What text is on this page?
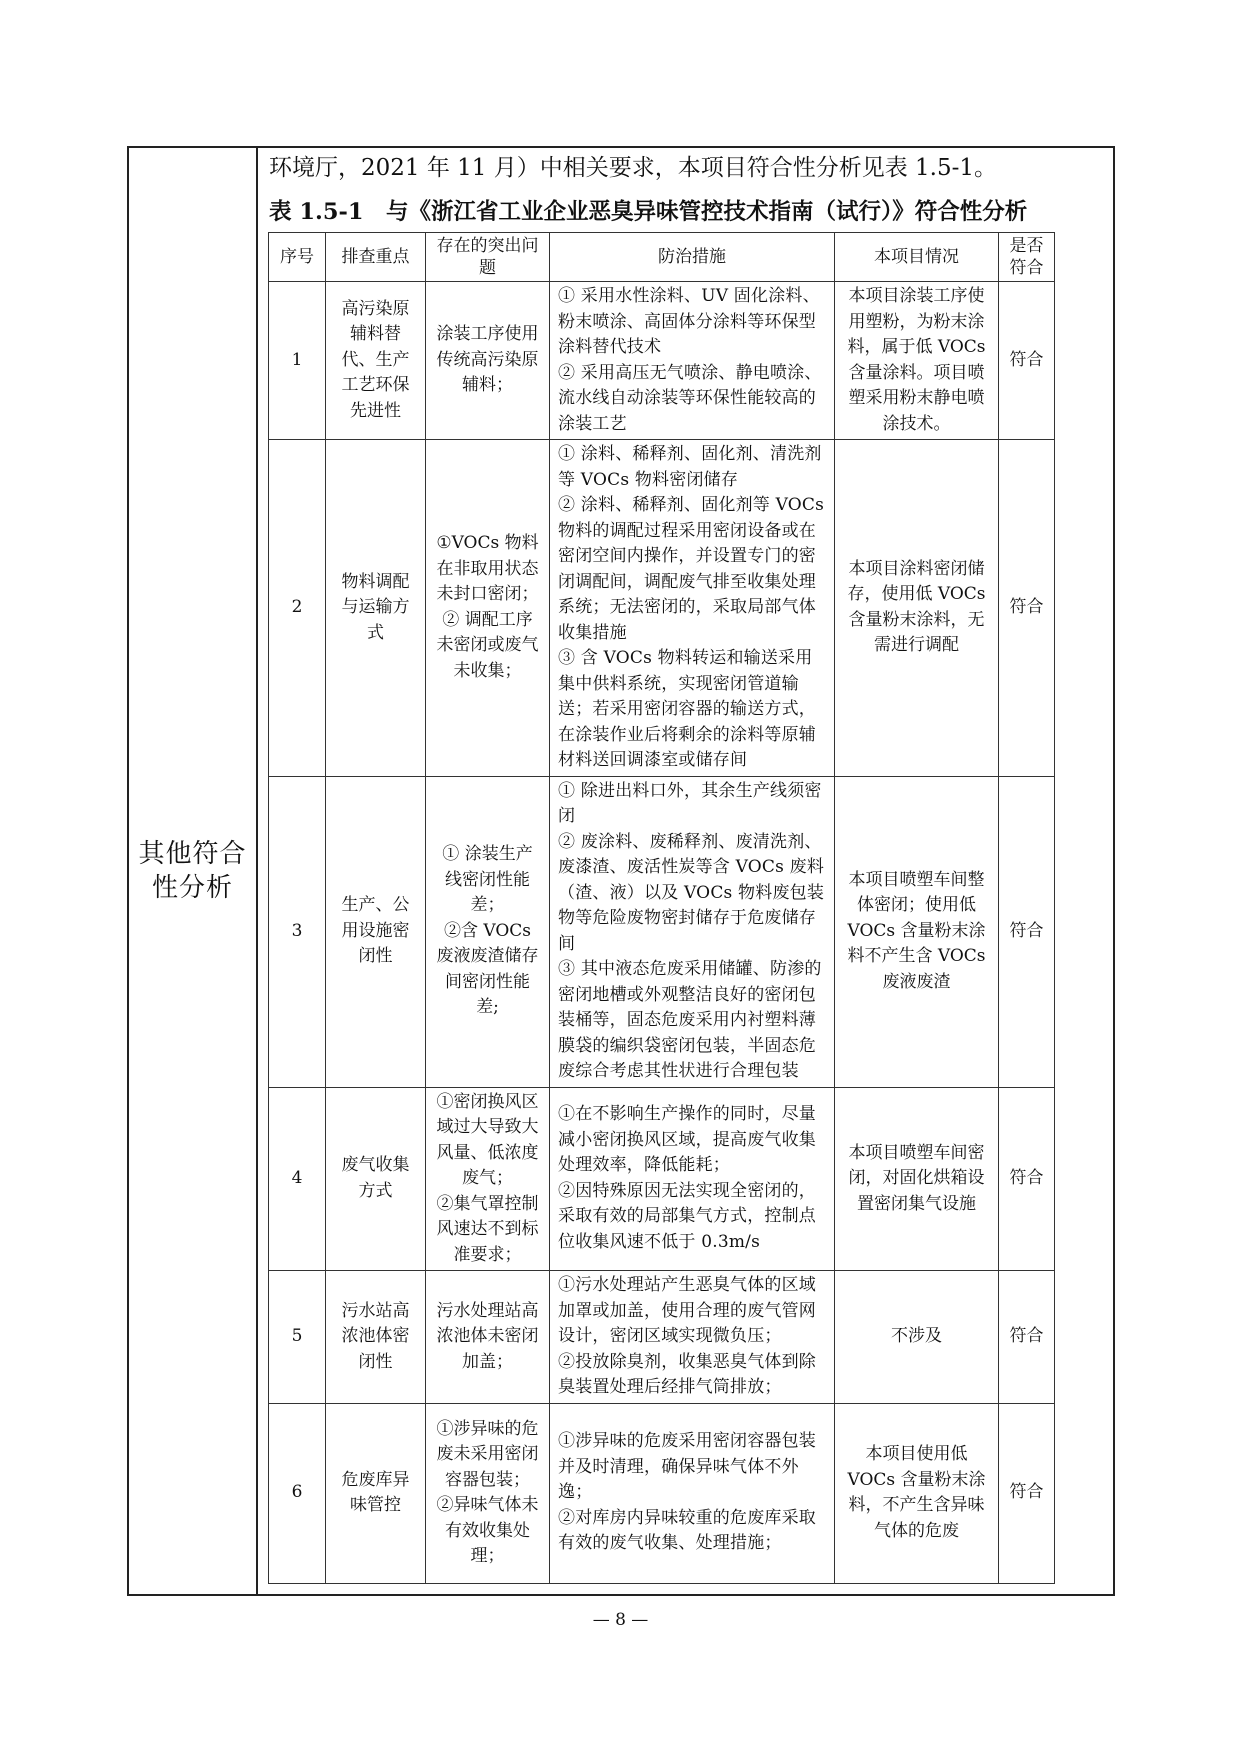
其他符合性分析
环境厅，2021 年 11 月）中相关要求，本项目符合性分析见表 1.5-1。
表 1.5-1　与《浙江省工业企业恶臭异味管控技术指南（试行）》符合性分析
序号	排查重点	存在的突出问题	防治措施	本项目情况	是否符合
1	高污染原辅料替代、生产工艺环保先进性	涂装工序使用传统高污染原辅料；	① 采用水性涂料、UV 固化涂料、粉末喷涂、高固体分涂料等环保型涂料替代技术
② 采用高压无气喷涂、静电喷涂、流水线自动涂装等环保性能较高的涂装工艺	本项目涂装工序使用塑粉，为粉末涂料，属于低 VOCs 含量涂料。项目喷塑采用粉末静电喷涂技术。	符合
2	物料调配与运输方式	①VOCs 物料在非取用状态未封口密闭；
② 调配工序未密闭或废气未收集；	① 涂料、稀释剂、固化剂、清洗剂等 VOCs 物料密闭储存
② 涂料、稀释剂、固化剂等 VOCs 物料的调配过程采用密闭设备或在密闭空间内操作，并设置专门的密闭调配间，调配废气排至收集处理系统；无法密闭的，采取局部气体收集措施
③ 含 VOCs 物料转运和输送采用集中供料系统，实现密闭管道输送；若采用密闭容器的输送方式，在涂装作业后将剩余的涂料等原辅材料送回调漆室或储存间	本项目涂料密闭储存，使用低 VOCs 含量粉末涂料，无需进行调配	符合
3	生产、公用设施密闭性	① 涂装生产线密闭性能差；
②含 VOCs 废液废渣储存间密闭性能差;	① 除进出料口外，其余生产线须密闭
② 废涂料、废稀释剂、废清洗剂、废漆渣、废活性炭等含 VOCs 废料（渣、液）以及 VOCs 物料废包装物等危险废物密封储存于危废储存间
③ 其中液态危废采用储罐、防渗的密闭地槽或外观整洁良好的密闭包装桶等，固态危废采用内衬塑料薄膜袋的编织袋密闭包装，半固态危废综合考虑其性状进行合理包装	本项目喷塑车间整体密闭；使用低 VOCs 含量粉末涂料不产生含 VOCs 废液废渣	符合
4	废气收集方式	①密闭换风区域过大导致大风量、低浓度废气；
②集气罩控制风速达不到标准要求；	①在不影响生产操作的同时，尽量减小密闭换风区域，提高废气收集处理效率，降低能耗；
②因特殊原因无法实现全密闭的，采取有效的局部集气方式，控制点位收集风速不低于 0.3m/s	本项目喷塑车间密闭，对固化烘箱设置密闭集气设施	符合
5	污水站高浓池体密闭性	污水处理站高浓池体未密闭加盖；	①污水处理站产生恶臭气体的区域加罩或加盖，使用合理的废气管网设计，密闭区域实现微负压；
②投放除臭剂，收集恶臭气体到除臭装置处理后经排气筒排放；	不涉及	符合
6	危废库异味管控	①涉异味的危废未采用密闭容器包装；
②异味气体未有效收集处理；	①涉异味的危废采用密闭容器包装并及时清理，确保异味气体不外逸；
②对库房内异味较重的危废库采取有效的废气收集、处理措施；	本项目使用低 VOCs 含量粉末涂料，不产生含异味气体的危废	符合
— 8 —
